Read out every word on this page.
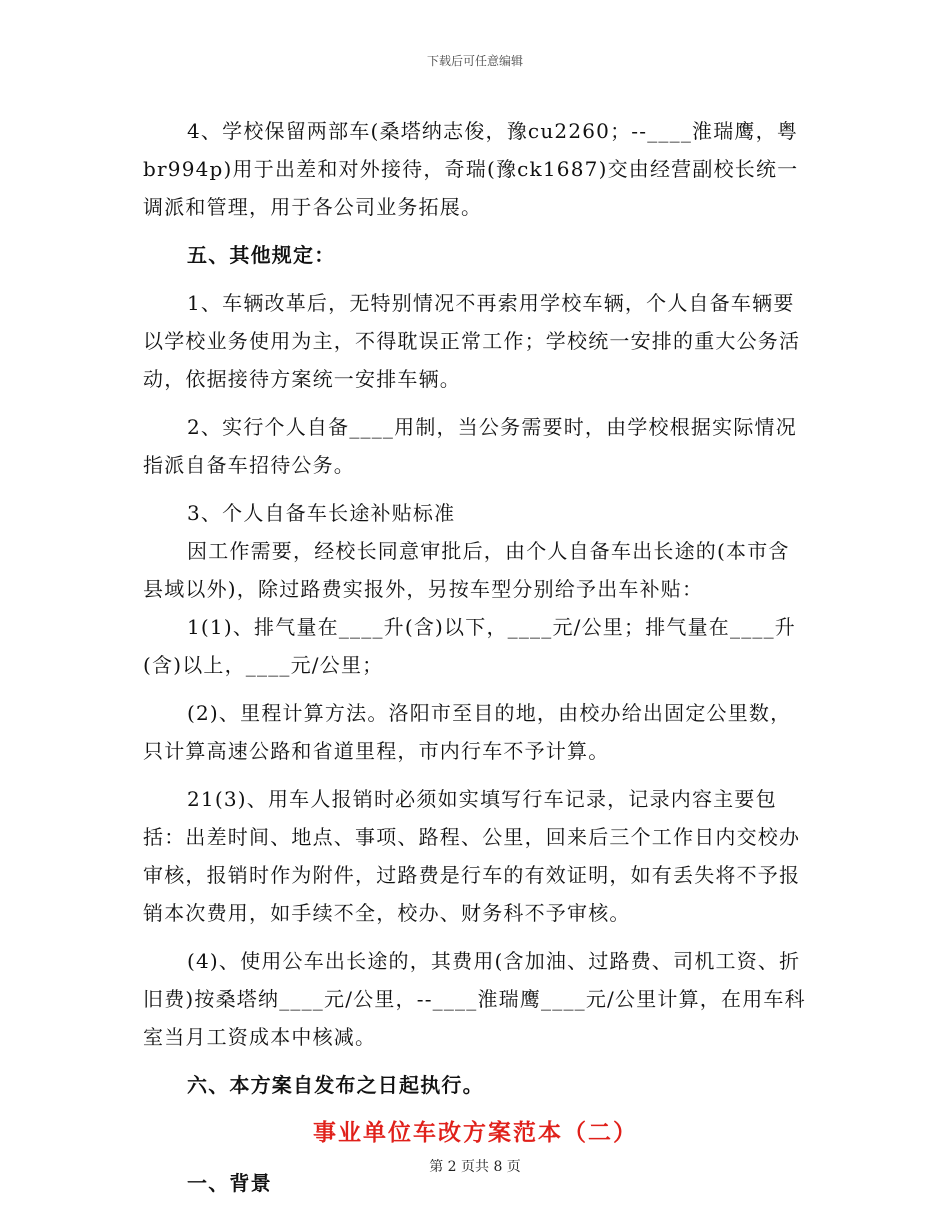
下载后可任意编辑

4、学校保留两部车(桑塔纳志俊，豫cu2260；--____淮瑞鹰，粤br994p)用于出差和对外接待，奇瑞(豫ck1687)交由经营副校长统一调派和管理，用于各公司业务拓展。

五、其他规定：

1、车辆改革后，无特别情况不再索用学校车辆，个人自备车辆要以学校业务使用为主，不得耽误正常工作；学校统一安排的重大公务活动，依据接待方案统一安排车辆。

2、实行个人自备____用制，当公务需要时，由学校根据实际情况指派自备车招待公务。

3、个人自备车长途补贴标准

因工作需要，经校长同意审批后，由个人自备车出长途的(本市含县域以外)，除过路费实报外，另按车型分别给予出车补贴：

1(1)、排气量在____升(含)以下，____元/公里；排气量在____升(含)以上，____元/公里；

(2)、里程计算方法。洛阳市至目的地，由校办给出固定公里数，只计算高速公路和省道里程，市内行车不予计算。

21(3)、用车人报销时必须如实填写行车记录，记录内容主要包括：出差时间、地点、事项、路程、公里，回来后三个工作日内交校办审核，报销时作为附件，过路费是行车的有效证明，如有丢失将不予报销本次费用，如手续不全，校办、财务科不予审核。

(4)、使用公车出长途的，其费用(含加油、过路费、司机工资、折旧费)按桑塔纳____元/公里，--____淮瑞鹰____元/公里计算，在用车科室当月工资成本中核减。

六、本方案自发布之日起执行。

事业单位车改方案范本（二）

一、背景

第 2 页共 8 页
